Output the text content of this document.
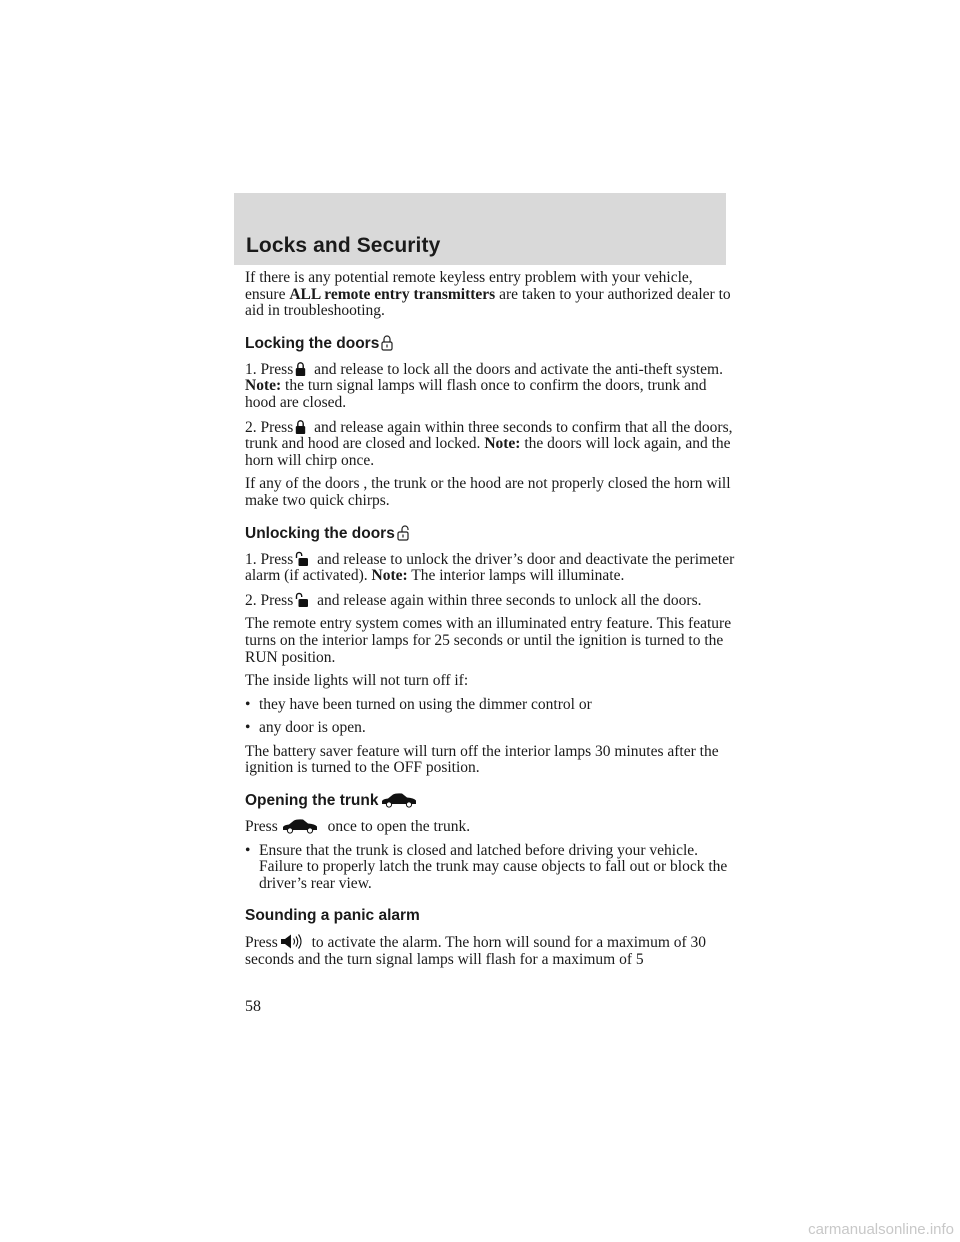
Locks and Security

If there is any potential remote keyless entry problem with your vehicle, ensure ALL remote entry transmitters are taken to your authorized dealer to aid in troubleshooting.

Locking the doors

1. Press
and release to lock all the doors and activate the anti-theft system. Note: the turn signal lamps will flash once to confirm the doors, trunk and hood are closed.

2. Press
and release again within three seconds to confirm that all the doors, trunk and hood are closed and locked. Note: the doors will lock again, and the horn will chirp once.

If any of the doors , the trunk or the hood are not properly closed the horn will make two quick chirps.

Unlocking the doors

1. Press
and release to unlock the driver’s door and deactivate the perimeter alarm (if activated). Note: The interior lamps will illuminate.

2. Press
and release again within three seconds to unlock all the doors.

The remote entry system comes with an illuminated entry feature. This feature turns on the interior lamps for 25 seconds or until the ignition is turned to the RUN position.

The inside lights will not turn off if:

• they have been turned on using the dimmer control or
• any door is open.

The battery saver feature will turn off the interior lamps 30 minutes after the ignition is turned to the OFF position.

Opening the trunk

Press	once to open the trunk.

• Ensure that the trunk is closed and latched before driving your vehicle. Failure to properly latch the trunk may cause objects to fall out or block the driver’s rear view.
Sounding a panic alarm

Press
to activate the alarm. The horn will sound for a maximum of 30 seconds and the turn signal lamps will flash for a maximum of 5

58
carmanualsonline.info
